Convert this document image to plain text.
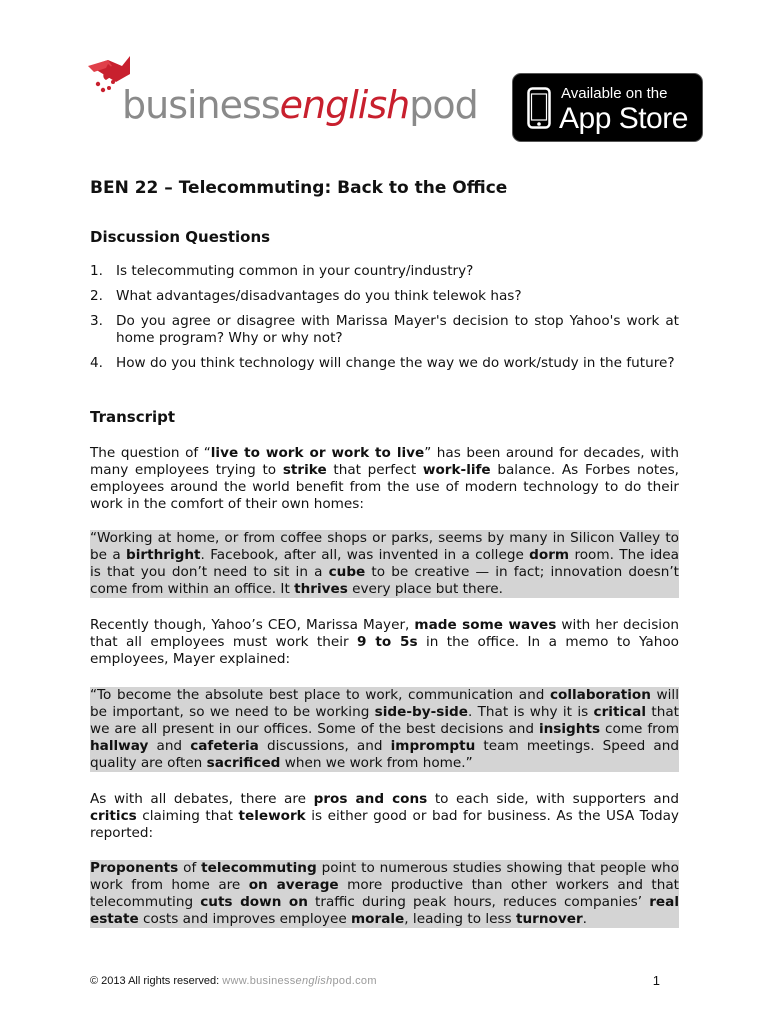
businessenglishpod	Available on the
App Store
BEN 22 – Telecommuting: Back to the Office
Discussion Questions
1. Is telecommuting common in your country/industry?
2. What advantages/disadvantages do you think telewok has?
3. Do you agree or disagree with Marissa Mayer's decision to stop Yahoo's work at home program? Why or why not?
4. How do you think technology will change the way we do work/study in the future?
Transcript

The question of “live to work or work to live” has been around for decades, with many employees trying to strike that perfect work-life balance. As Forbes notes, employees around the world benefit from the use of modern technology to do their work in the comfort of their own homes:

“Working at home, or from coffee shops or parks, seems by many in Silicon Valley to be a birthright. Facebook, after all, was invented in a college dorm room. The idea is that you don’t need to sit in a cube to be creative — in fact; innovation doesn’t come from within an office. It thrives every place but there.

Recently though, Yahoo’s CEO, Marissa Mayer, made some waves with her decision that all employees must work their 9 to 5s in the office. In a memo to Yahoo employees, Mayer explained:

“To become the absolute best place to work, communication and collaboration will be important, so we need to be working side-by-side. That is why it is critical that we are all present in our offices. Some of the best decisions and insights come from hallway and cafeteria discussions, and impromptu team meetings. Speed and quality are often sacrificed when we work from home.”

As with all debates, there are pros and cons to each side, with supporters and critics claiming that telework is either good or bad for business. As the USA Today reported:

Proponents of telecommuting point to numerous studies showing that people who work from home are on average more productive than other workers and that telecommuting cuts down on traffic during peak hours, reduces companies’ real estate costs and improves employee morale, leading to less turnover.

© 2013 All rights reserved: www.businessenglishpod.com	1
